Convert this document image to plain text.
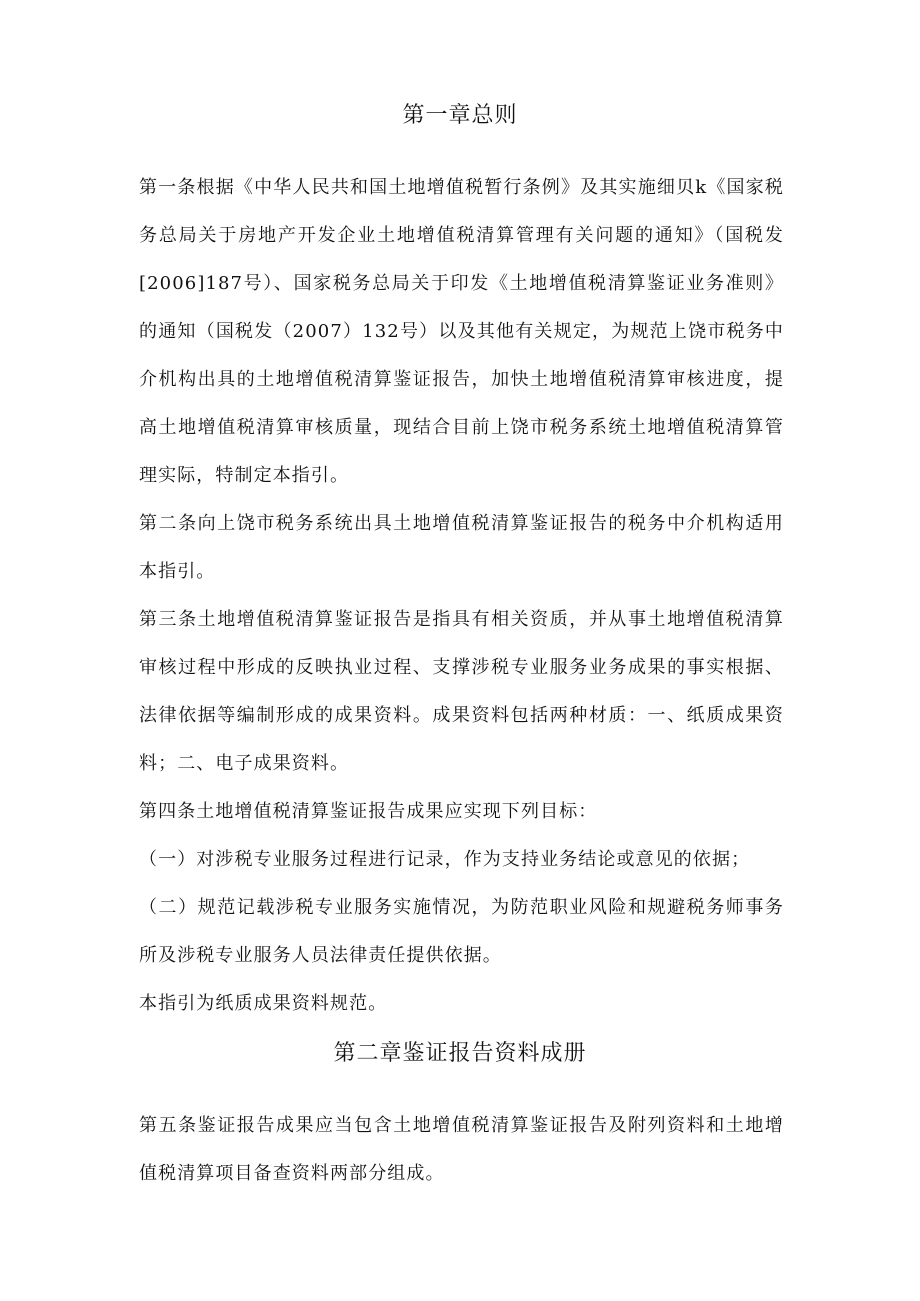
第一章总则

第一条根据《中华人民共和国土地增值税暂行条例》及其实施细贝k《国家税务总局关于房地产开发企业土地增值税清算管理有关问题的通知》（国税发[2006]187号）、国家税务总局关于印发《土地增值税清算鉴证业务准则》的通知（国税发（2007）132号）以及其他有关规定，为规范上饶市税务中介机构出具的土地增值税清算鉴证报告，加快土地增值税清算审核进度，提高土地增值税清算审核质量，现结合目前上饶市税务系统土地增值税清算管理实际，特制定本指引。

第二条向上饶市税务系统出具土地增值税清算鉴证报告的税务中介机构适用本指引。

第三条土地增值税清算鉴证报告是指具有相关资质，并从事土地增值税清算审核过程中形成的反映执业过程、支撑涉税专业服务业务成果的事实根据、法律依据等编制形成的成果资料。成果资料包括两种材质：一、纸质成果资料；二、电子成果资料。

第四条土地增值税清算鉴证报告成果应实现下列目标：

（一）对涉税专业服务过程进行记录，作为支持业务结论或意见的依据；

（二）规范记载涉税专业服务实施情况，为防范职业风险和规避税务师事务所及涉税专业服务人员法律责任提供依据。

本指引为纸质成果资料规范。

第二章鉴证报告资料成册

第五条鉴证报告成果应当包含土地增值税清算鉴证报告及附列资料和土地增值税清算项目备查资料两部分组成。
